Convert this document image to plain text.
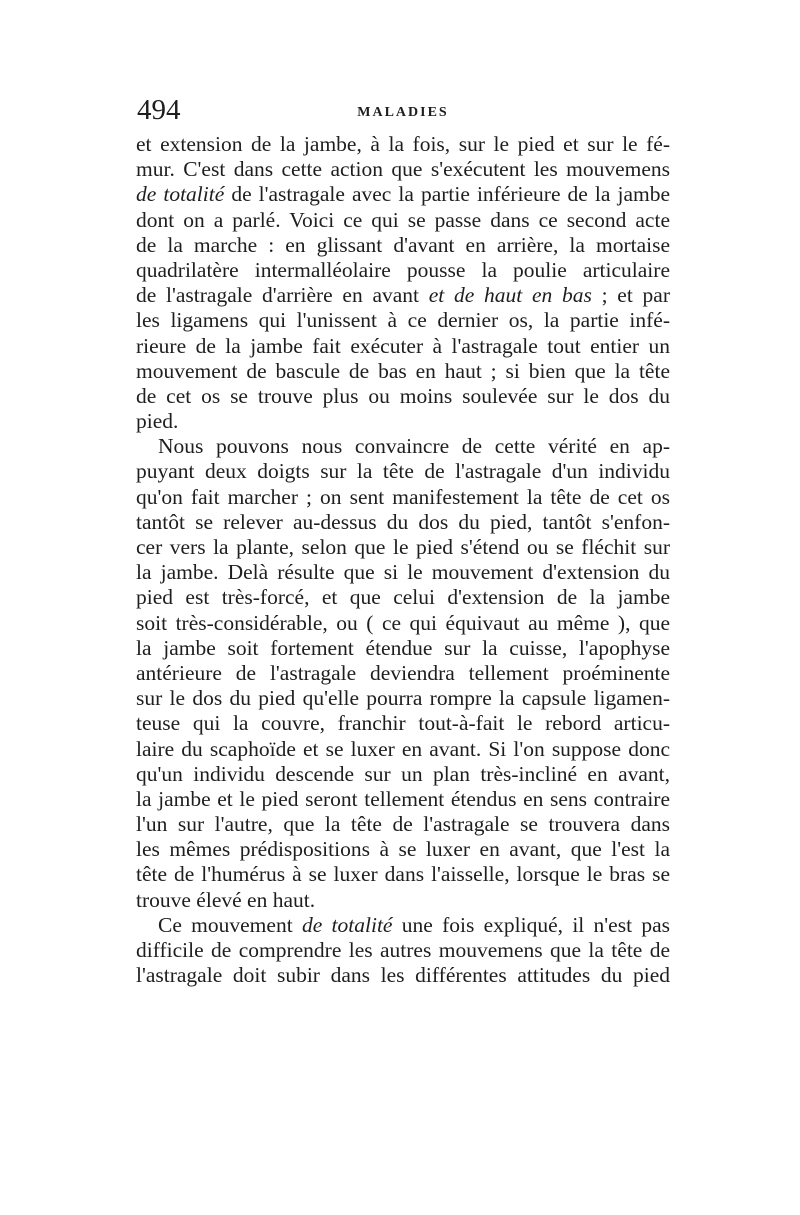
494	MALADIES
et extension de la jambe, à la fois, sur le pied et sur le fé-
mur. C'est dans cette action que s'exécutent les mouvemens
de totalité de l'astragale avec la partie inférieure de la jambe
dont on a parlé. Voici ce qui se passe dans ce second acte
de la marche : en glissant d'avant en arrière, la mortaise
quadrilatère intermalléolaire pousse la poulie articulaire
de l'astragale d'arrière en avant et de haut en bas ; et par
les ligamens qui l'unissent à ce dernier os, la partie infé-
rieure de la jambe fait exécuter à l'astragale tout entier un
mouvement de bascule de bas en haut ; si bien que la tête
de cet os se trouve plus ou moins soulevée sur le dos du
pied.
Nous pouvons nous convaincre de cette vérité en ap-
puyant deux doigts sur la tête de l'astragale d'un individu
qu'on fait marcher ; on sent manifestement la tête de cet os
tantôt se relever au-dessus du dos du pied, tantôt s'enfon-
cer vers la plante, selon que le pied s'étend ou se fléchit sur
la jambe. Delà résulte que si le mouvement d'extension du
pied est très-forcé, et que celui d'extension de la jambe
soit très-considérable, ou ( ce qui équivaut au même ), que
la jambe soit fortement étendue sur la cuisse, l'apophyse
antérieure de l'astragale deviendra tellement proéminente
sur le dos du pied qu'elle pourra rompre la capsule ligamen-
teuse qui la couvre, franchir tout-à-fait le rebord articu-
laire du scaphoïde et se luxer en avant. Si l'on suppose donc
qu'un individu descende sur un plan très-incliné en avant,
la jambe et le pied seront tellement étendus en sens contraire
l'un sur l'autre, que la tête de l'astragale se trouvera dans
les mêmes prédispositions à se luxer en avant, que l'est la
tête de l'humérus à se luxer dans l'aisselle, lorsque le bras se
trouve élevé en haut.
Ce mouvement de totalité une fois expliqué, il n'est pas
difficile de comprendre les autres mouvemens que la tête de
l'astragale doit subir dans les différentes attitudes du pied
